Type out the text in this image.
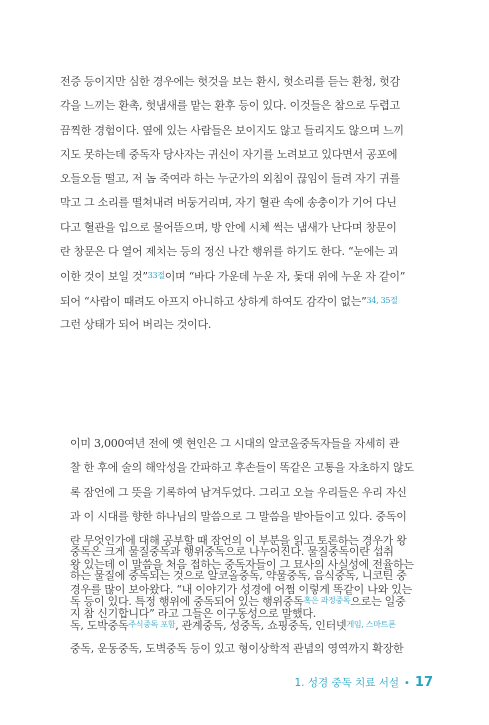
전증 등이지만 심한 경우에는 헛것을 보는 환시, 헛소리를 듣는 환청, 헛감
각을 느끼는 환촉, 헛냄새를 맡는 환후 등이 있다. 이것들은 참으로 두렵고
끔찍한 경험이다. 옆에 있는 사람들은 보이지도 않고 들리지도 않으며 느끼
지도 못하는데 중독자 당사자는 귀신이 자기를 노려보고 있다면서 공포에
오들오들 떨고, 저 놈 죽여라 하는 누군가의 외침이 끊임이 들려 자기 귀를
막고 그 소리를 떨쳐내려 버둥거리며, 자기 혈관 속에 송충이가 기어 다닌
다고 혈관을 입으로 물어뜯으며, 방 안에 시체 썩는 냄새가 난다며 창문이
란 창문은 다 열어 제치는 등의 정신 나간 행위를 하기도 한다. “눈에는 괴
이한 것이 보일 것”33절이며 “바다 가운데 누운 자, 돛대 위에 누운 자 같이”
되어 “사람이 때려도 아프지 아니하고 상하게 하여도 감각이 없는”34, 35절
그런 상태가 되어 버리는 것이다.
이미 3,000여년 전에 옛 현인은 그 시대의 알코올중독자들을 자세히 관
찰 한 후에 술의 해악성을 간파하고 후손들이 똑같은 고통을 자초하지 않도
록 잠언에 그 뜻을 기록하여 남겨두었다. 그리고 오늘 우리들은 우리 자신
과 이 시대를 향한 하나님의 말씀으로 그 말씀을 받아들이고 있다. 중독이
란 무엇인가에 대해 공부할 때 잠언의 이 부분을 읽고 토론하는 경우가 왕
왕 있는데 이 말씀을 처음 접하는 중독자들이 그 묘사의 사실성에 전율하는
경우를 많이 보아왔다. “내 이야기가 성경에 어쩜 이렇게 똑같이 나와 있는
지 참 신기합니다” 라고 그들은 이구동성으로 말했다.
중독은 크게 물질중독과 행위중독으로 나누어진다. 물질중독이란 섭취
하는 물질에 중독되는 것으로 알코올중독, 약물중독, 음식중독, 니코틴 중
독 등이 있다. 특정 행위에 중독되어 있는 행위중독혹은 과정중독으로는 일중
독, 도박중독주식중독 포함, 관계중독, 성중독, 쇼핑중독, 인터넷게임, 스마트폰
중독, 운동중독, 도벽중독 등이 있고 형이상학적 관념의 영역까지 확장한
1. 성경 중독 치료 서설 • 17
